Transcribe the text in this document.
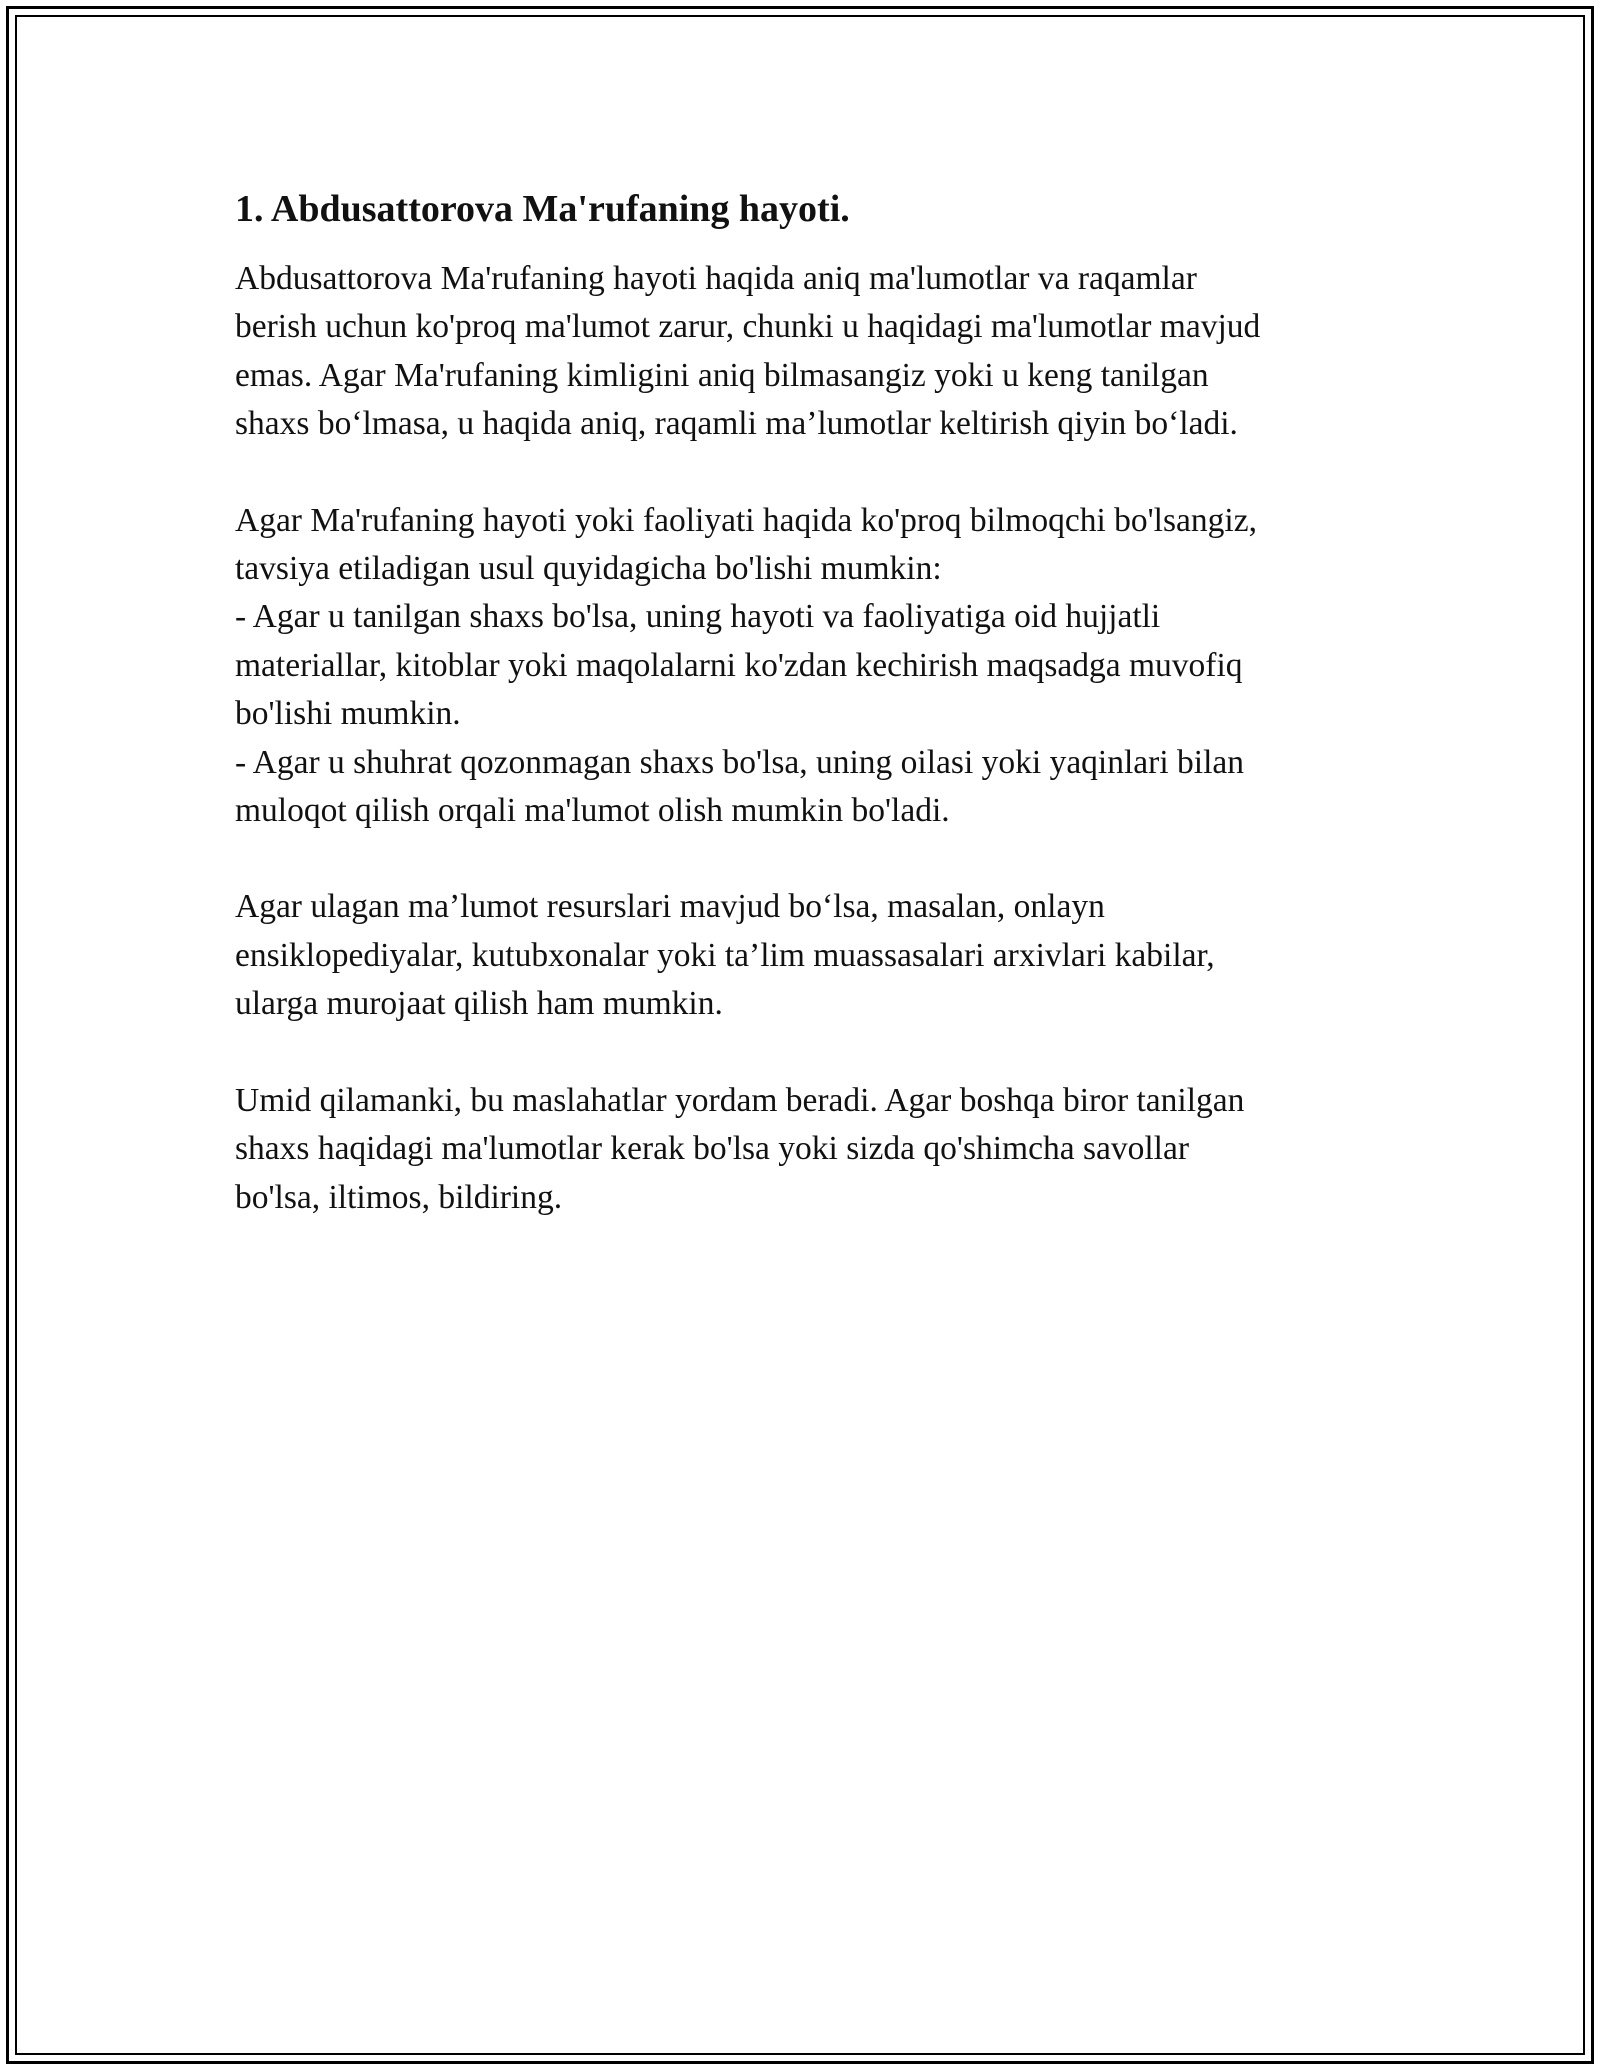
1. Abdusattorova Ma'rufaning hayoti.

Abdusattorova Ma'rufaning hayoti haqida aniq ma'lumotlar va raqamlar
berish uchun ko'proq ma'lumot zarur, chunki u haqidagi ma'lumotlar mavjud
emas. Agar Ma'rufaning kimligini aniq bilmasangiz yoki u keng tanilgan
shaxs bo‘lmasa, u haqida aniq, raqamli ma’lumotlar keltirish qiyin bo‘ladi.

Agar Ma'rufaning hayoti yoki faoliyati haqida ko'proq bilmoqchi bo'lsangiz,
tavsiya etiladigan usul quyidagicha bo'lishi mumkin:
- Agar u tanilgan shaxs bo'lsa, uning hayoti va faoliyatiga oid hujjatli
materiallar, kitoblar yoki maqolalarni ko'zdan kechirish maqsadga muvofiq
bo'lishi mumkin.
- Agar u shuhrat qozonmagan shaxs bo'lsa, uning oilasi yoki yaqinlari bilan
muloqot qilish orqali ma'lumot olish mumkin bo'ladi.

Agar ulagan ma’lumot resurslari mavjud bo‘lsa, masalan, onlayn
ensiklopediyalar, kutubxonalar yoki ta’lim muassasalari arxivlari kabilar,
ularga murojaat qilish ham mumkin.

Umid qilamanki, bu maslahatlar yordam beradi. Agar boshqa biror tanilgan
shaxs haqidagi ma'lumotlar kerak bo'lsa yoki sizda qo'shimcha savollar
bo'lsa, iltimos, bildiring.
